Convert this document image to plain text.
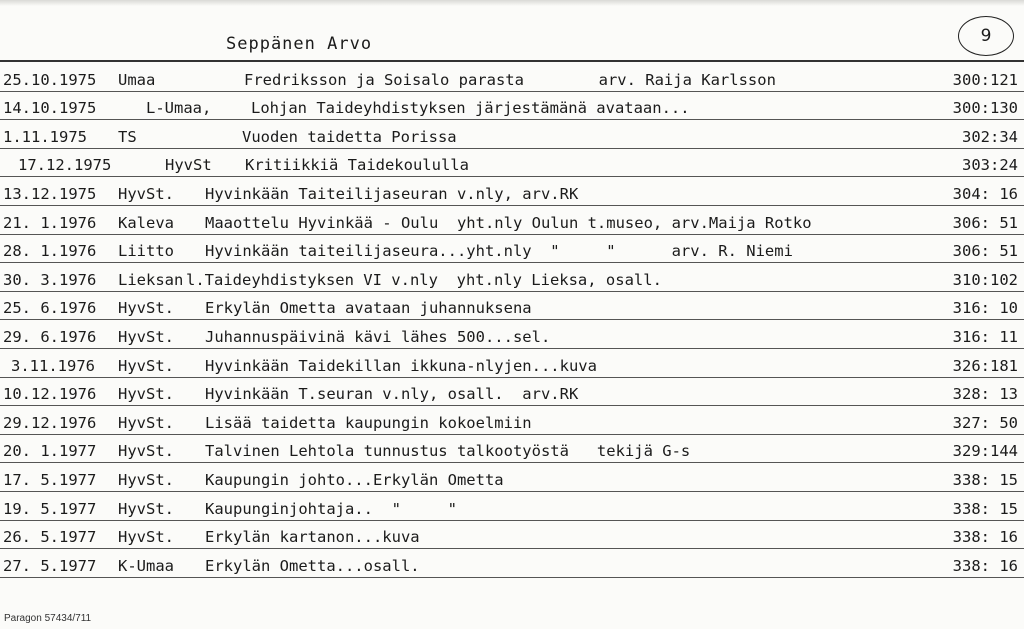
Seppänen Arvo	9
25.10.1975 Umaa	Fredriksson ja Soisalo parasta        arv. Raija Karlsson	300:121
14.10.1975	L-Umaa,	Lohjan Taideyhdistyksen järjestämänä avataan...	300:130
1.11.1975 TS	Vuoden taidetta Porissa	302:34
17.12.1975	HyvSt Kritiikkiä Taidekoululla	303:24
13.12.1975 HyvSt. Hyvinkään Taiteilijaseuran v.nly, arv.RK	304: 16
21. 1.1976 Kaleva Maaottelu Hyvinkää - Oulu  yht.nly Oulun t.museo, arv.Maija Rotko	306: 51
28. 1.1976 Liitto Hyvinkään taiteilijaseura...yht.nly  "     "      arv. R. Niemi	306: 51
30. 3.1976 Lieksan l.Taideyhdistyksen VI v.nly  yht.nly Lieksa, osall.	310:102
25. 6.1976 HyvSt. Erkylän Ometta avataan juhannuksena	316: 10
29. 6.1976 HyvSt. Juhannuspäivinä kävi lähes 500...sel.	316: 11
3.11.1976 HyvSt. Hyvinkään Taidekillan ikkuna-nlyjen...kuva	326:181
10.12.1976 HyvSt. Hyvinkään T.seuran v.nly, osall.  arv.RK	328: 13
29.12.1976 HyvSt. Lisää taidetta kaupungin kokoelmiin	327: 50
20. 1.1977 HyvSt. Talvinen Lehtola tunnustus talkootyöstä   tekijä G-s	329:144
17. 5.1977 HyvSt. Kaupungin johto...Erkylän Ometta	338: 15
19. 5.1977 HyvSt. Kaupunginjohtaja..  "     "	338: 15
26. 5.1977 HyvSt. Erkylän kartanon...kuva	338: 16
27. 5.1977 K-Umaa Erkylän Ometta...osall.	338: 16
Paragon 57434/711
